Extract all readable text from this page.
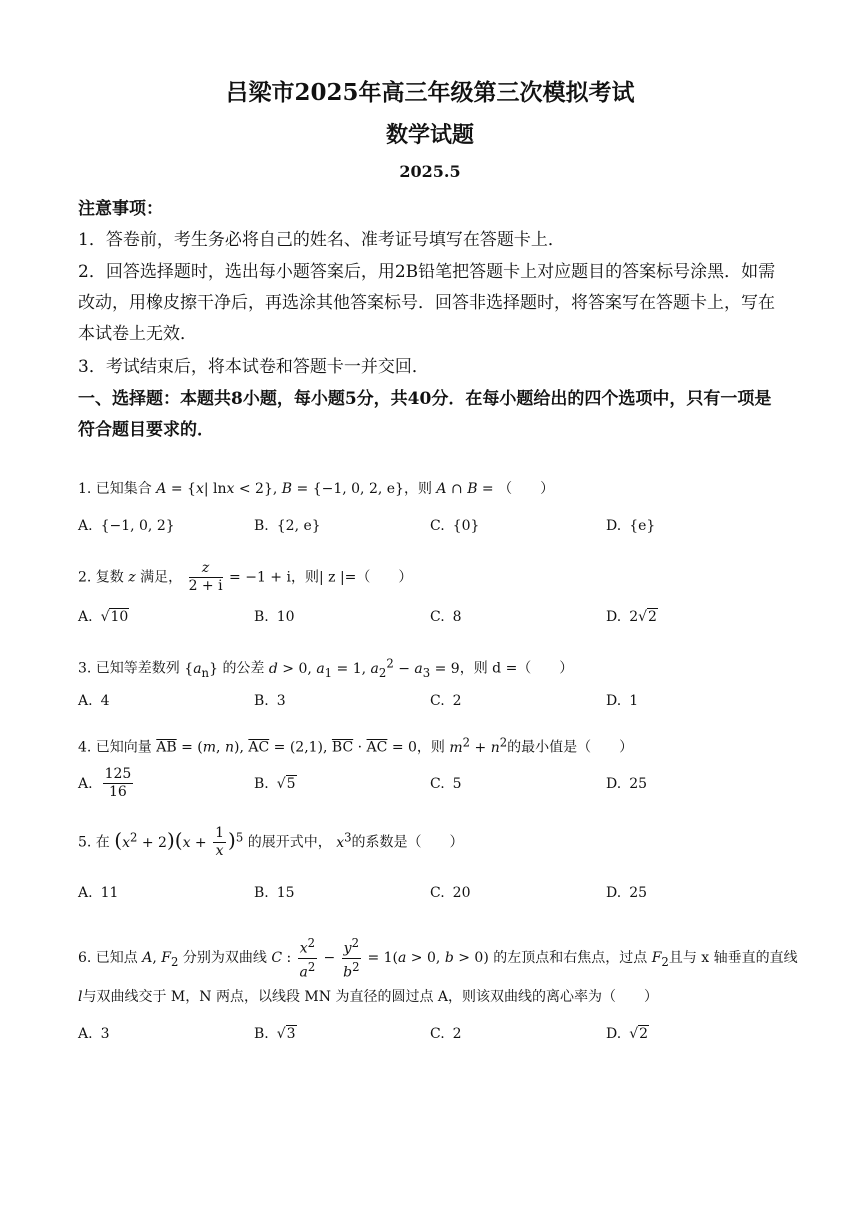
吕梁市2025年高三年级第三次模拟考试
数学试题
2025.5
注意事项：
1．答卷前，考生务必将自己的姓名、准考证号填写在答题卡上．
2．回答选择题时，选出每小题答案后，用2B铅笔把答题卡上对应题目的答案标号涂黑．如需改动，用橡皮擦干净后，再选涂其他答案标号．回答非选择题时，将答案写在答题卡上，写在本试卷上无效．
3．考试结束后，将本试卷和答题卡一并交回．
一、选择题：本题共8小题，每小题5分，共40分．在每小题给出的四个选项中，只有一项是符合题目要求的．
1. 已知集合 A = {x| lnx < 2}, B = {−1, 0, 2, e}，则 A ∩ B = （　　）
A. {−1, 0, 2}	B. {2, e}	C. {0}	D. {e}
2. 复数 z 满足， $\frac{z}{2 + i} = -1 + i$，则| z |=（　　）
A. √10	B. 10	C. 8	D. 2√2
3. 已知等差数列 $\{a_n\}$ 的公差 d > 0, $a_1 = 1$, $a_2^2 - a_3 = 9$，则 d =（　　）
A. 4	B. 3	C. 2	D. 1
4. 已知向量 $\overline{AB} = (m$, n), $\overline{AC} = (2,1)$, $\overline{BC} \cdot \overline{AC} = 0$，则 $m^2 + n^2$的最小值是（　　）
A. $\frac{125}{16}$	B. √5	C. 5	D. 25
5. 在 $(x^2 + 2)(x + \frac{1}{x} )^5$ 的展开式中， $x^3$的系数是（　　）
A. 11	B. 15	C. 20	D. 25
6. 已知点 A, $F_2$ 分别为双曲线 C : $\frac{x^2}{a^2} - \frac{y^2}{b^2} = 1(a > 0$, b > 0) 的左顶点和右焦点，过点 $F_2$且与 x 轴垂直的直线
l与双曲线交于 M，N 两点，以线段 MN 为直径的圆过点 A，则该双曲线的离心率为（　　）
A. 3	B. √3	C. 2	D. √2
